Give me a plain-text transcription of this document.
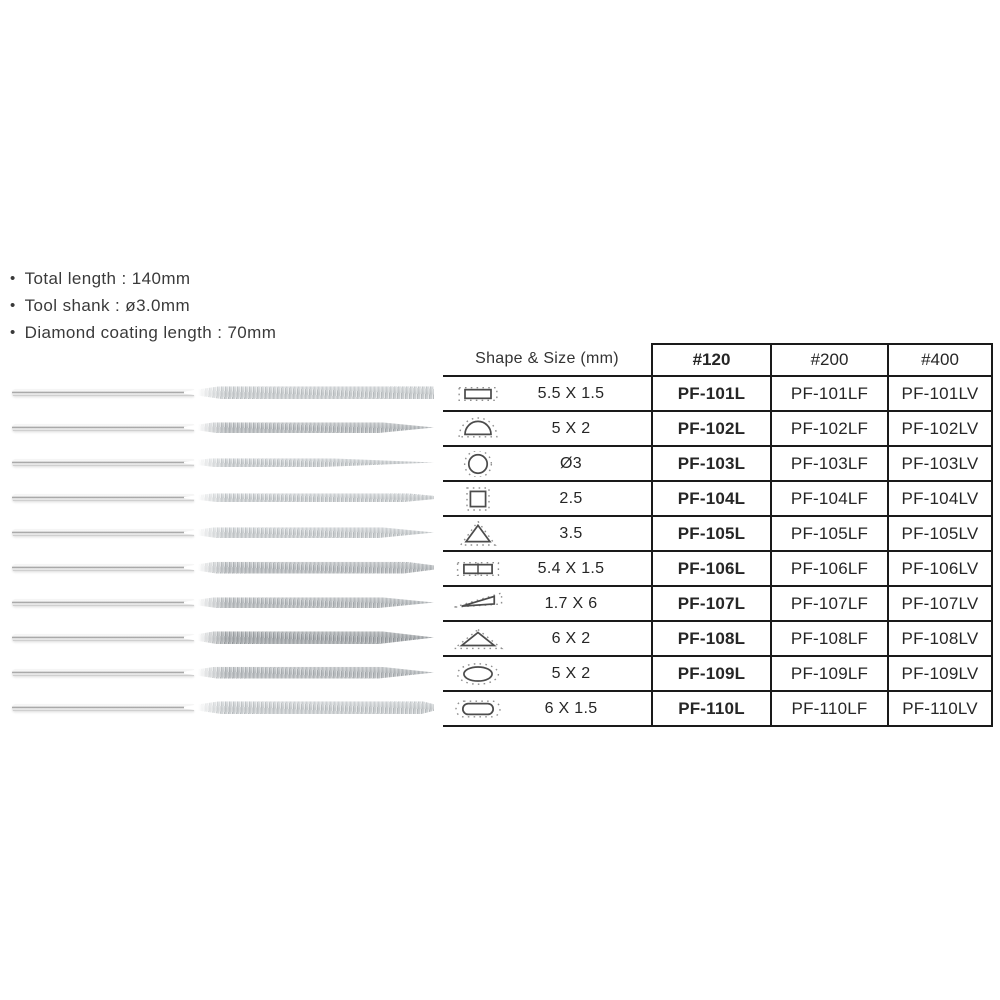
• Total length : 140mm
• Tool shank : ø3.0mm
• Diamond coating length : 70mm
Shape & Size (mm)	#120	#200	#400
5.5 X 1.5	PF-101L	PF-101LF	PF-101LV
5 X 2	PF-102L	PF-102LF	PF-102LV
Ø3	PF-103L	PF-103LF	PF-103LV
2.5	PF-104L	PF-104LF	PF-104LV
3.5	PF-105L	PF-105LF	PF-105LV
5.4 X 1.5	PF-106L	PF-106LF	PF-106LV
1.7 X 6	PF-107L	PF-107LF	PF-107LV
6 X 2	PF-108L	PF-108LF	PF-108LV
5 X 2	PF-109L	PF-109LF	PF-109LV
6 X 1.5	PF-110L	PF-110LF	PF-110LV
